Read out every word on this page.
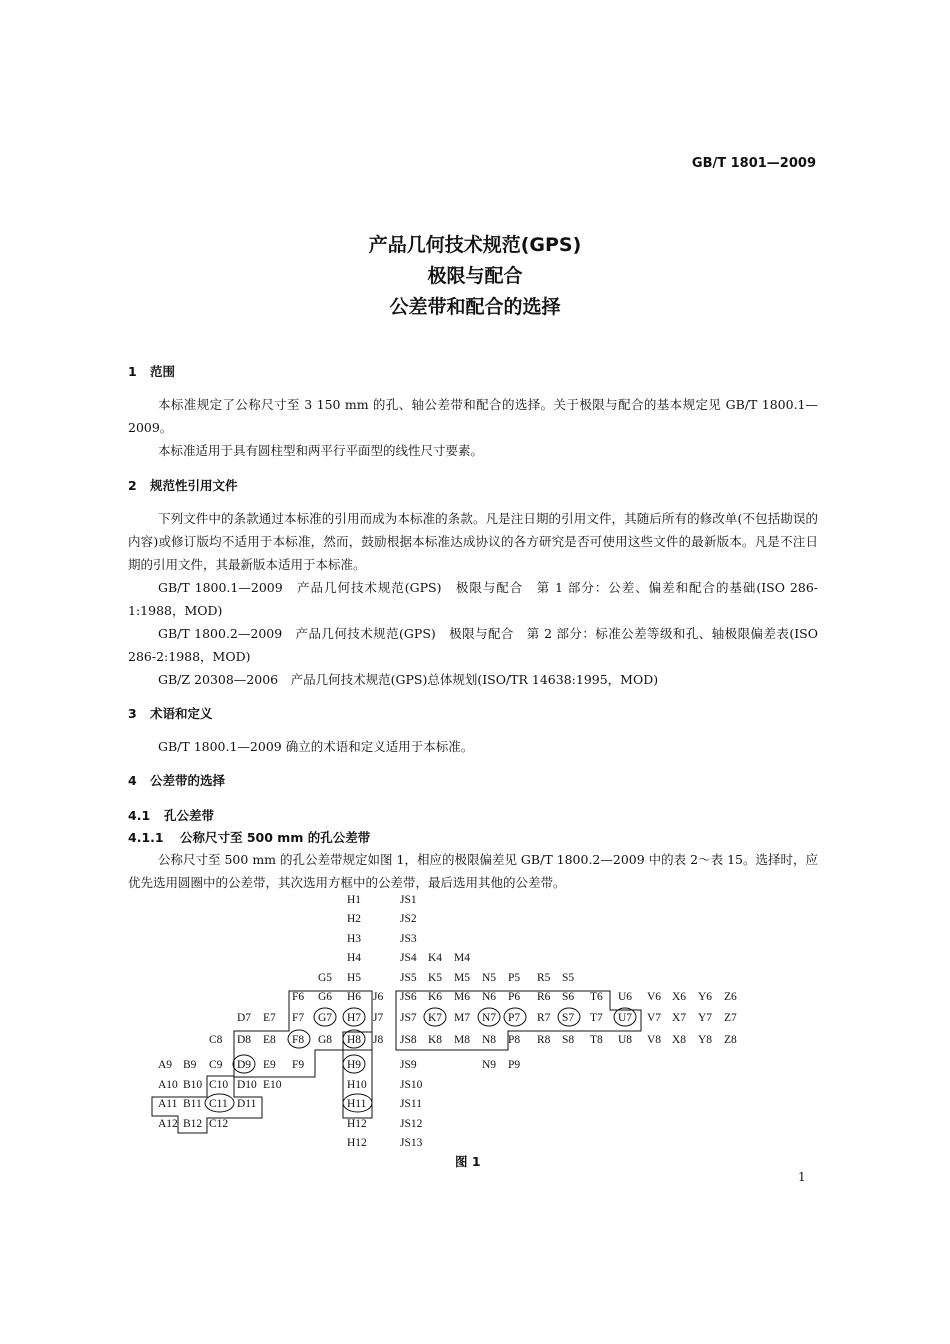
GB/T 1801—2009
产品几何技术规范(GPS)
极限与配合
公差带和配合的选择
1 范围
本标准规定了公称尺寸至 3 150 mm 的孔、轴公差带和配合的选择。关于极限与配合的基本规定见 GB/T 1800.1—2009。
本标准适用于具有圆柱型和两平行平面型的线性尺寸要素。
2 规范性引用文件
下列文件中的条款通过本标准的引用而成为本标准的条款。凡是注日期的引用文件，其随后所有的修改单(不包括勘误的内容)或修订版均不适用于本标准，然而，鼓励根据本标准达成协议的各方研究是否可使用这些文件的最新版本。凡是不注日期的引用文件，其最新版本适用于本标准。
GB/T 1800.1—2009　产品几何技术规范(GPS)　极限与配合　第 1 部分：公差、偏差和配合的基础(ISO 286-1:1988，MOD)
GB/T 1800.2—2009　产品几何技术规范(GPS)　极限与配合　第 2 部分：标准公差等级和孔、轴极限偏差表(ISO 286-2:1988，MOD)
GB/Z 20308—2006　产品几何技术规范(GPS)总体规划(ISO/TR 14638:1995，MOD)
3 术语和定义
GB/T 1800.1—2009 确立的术语和定义适用于本标准。
4 公差带的选择
4.1 孔公差带
4.1.1 公称尺寸至 500 mm 的孔公差带
公称尺寸至 500 mm 的孔公差带规定如图 1，相应的极限偏差见 GB/T 1800.2—2009 中的表 2～表 15。选择时，应优先选用圆圈中的公差带，其次选用方框中的公差带，最后选用其他的公差带。
H1	JS1
H2	JS2
H3	JS3
H4	JS4 K4 M4
G5 H5	JS5 K5 M5 N5 P5 R5 S5
F6 G6 H6 J6 JS6 K6 M6 N6 P6 R6 S6 T6 U6 V6 X6 Y6 Z6
D7 E7 F7 G7 H7 J7 JS7 K7 M7 N7 P7 R7 S7 T7 U7 V7 X7 Y7 Z7
C8 D8 E8 F8 G8 H8 J8 JS8 K8 M8 N8 P8 R8 S8 T8 U8 V8 X8 Y8 Z8
A9 B9 C9 D9 E9 F9	H9	JS9	N9 P9
A10 B10 C10 D10 E10	H10	JS10
A11 B11 C11 D11	H11	JS11
A12 B12 C12	H12	JS12
H12	JS13
图 1
1
